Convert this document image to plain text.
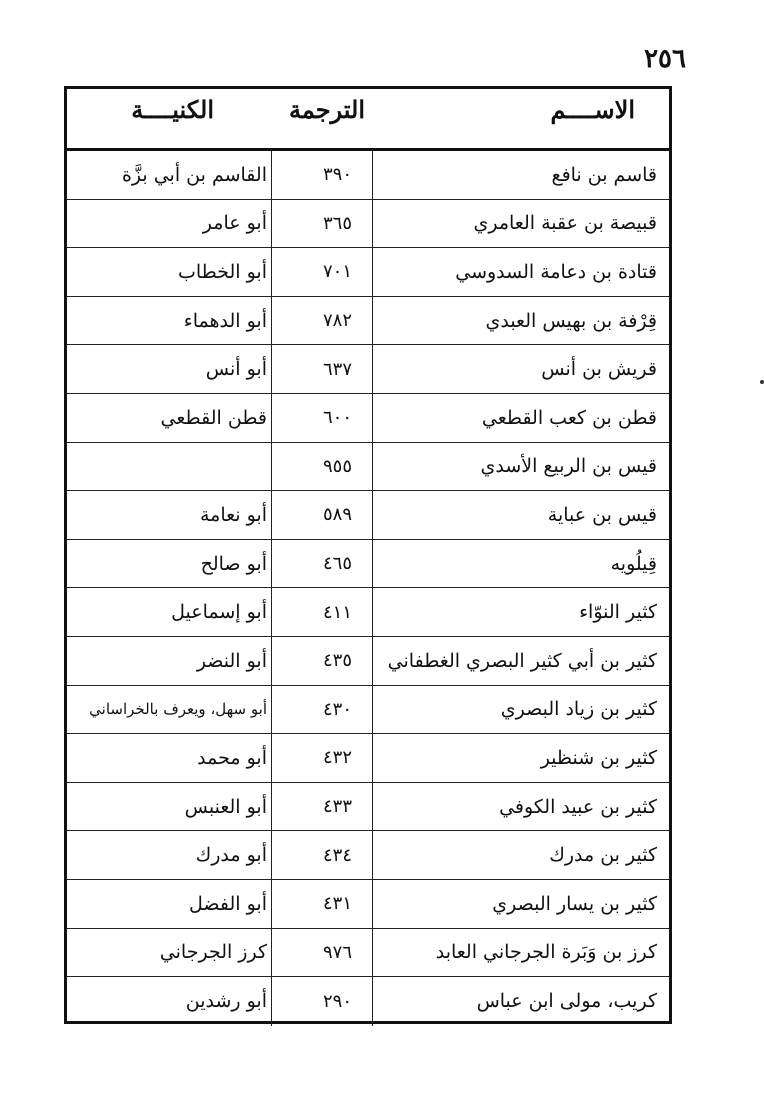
٢٥٦
الاســــم
الترجمة
الكنيــــة
قاسم بن نافع
٣٩٠
القاسم بن أبي بزَّة
قبيصة بن عقبة العامري
٣٦٥
أبو عامر
قتادة بن دعامة السدوسي
٧٠١
أبو الخطاب
قِرْفة بن بهيس العبدي
٧٨٢
أبو الدهماء
قريش بن أنس
٦٣٧
أبو أنس
قطن بن كعب القطعي
٦٠٠
قطن القطعي
قيس بن الربيع الأسدي
٩٥٥
قيس بن عباية
٥٨٩
أبو نعامة
قِيلُويه
٤٦٥
أبو صالح
كثير النوّاء
٤١١
أبو إسماعيل
كثير بن أبي كثير البصري الغطفاني
٤٣٥
أبو النضر
كثير بن زياد البصري
٤٣٠
أبو سهل، ويعرف بالخراساني
كثير بن شنظير
٤٣٢
أبو محمد
كثير بن عبيد الكوفي
٤٣٣
أبو العنبس
كثير بن مدرك
٤٣٤
أبو مدرك
كثير بن يسار البصري
٤٣١
أبو الفضل
كرز بن وَبَرة الجرجاني العابد
٩٧٦
كرز الجرجاني
كريب، مولى ابن عباس
٢٩٠
أبو رشدين
